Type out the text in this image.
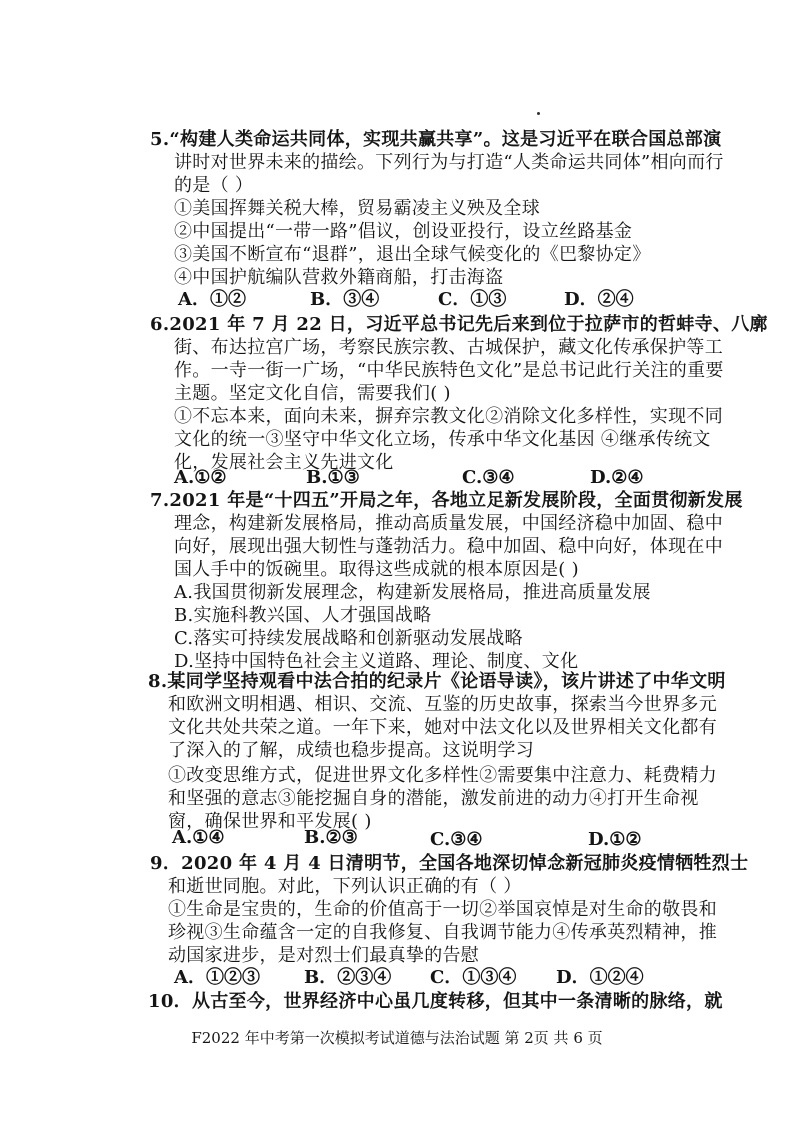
5.“构建人类命运共同体，实现共赢共享”。这是习近平在联合国总部演
讲时对世界未来的描绘。下列行为与打造“人类命运共同体”相向而行
的是（ ）
①美国挥舞关税大棒，贸易霸凌主义殃及全球
②中国提出“一带一路”倡议，创设亚投行，设立丝路基金
③美国不断宣布“退群”，退出全球气候变化的《巴黎协定》
④中国护航编队营救外籍商船，打击海盗
A．①②	B．③④	C．①③	D．②④
6.2021 年 7 月 22 日，习近平总书记先后来到位于拉萨市的哲蚌寺、八廓
街、布达拉宫广场，考察民族宗教、古城保护，藏文化传承保护等工
作。一寺一街一广场，“中华民族特色文化”是总书记此行关注的重要
主题。坚定文化自信，需要我们( )
①不忘本来，面向未来，摒弃宗教文化②消除文化多样性，实现不同
文化的统一③坚守中华文化立场，传承中华文化基因 ④继承传统文
化，发展社会主义先进文化
A.①②	B.①③	C.③④	D.②④
7.2021 年是“十四五”开局之年，各地立足新发展阶段，全面贯彻新发展
理念，构建新发展格局，推动高质量发展，中国经济稳中加固、稳中
向好，展现出强大韧性与蓬勃活力。稳中加固、稳中向好，体现在中
国人手中的饭碗里。取得这些成就的根本原因是( )
A.我国贯彻新发展理念，构建新发展格局，推进高质量发展
B.实施科教兴国、人才强国战略
C.落实可持续发展战略和创新驱动发展战略
D.坚持中国特色社会主义道路、理论、制度、文化
8.某同学坚持观看中法合拍的纪录片《论语导读》，该片讲述了中华文明
和欧洲文明相遇、相识、交流、互鉴的历史故事，探索当今世界多元
文化共处共荣之道。一年下来，她对中法文化以及世界相关文化都有
了深入的了解，成绩也稳步提高。这说明学习
①改变思维方式，促进世界文化多样性②需要集中注意力、耗费精力
和坚强的意志③能挖掘自身的潜能，激发前进的动力④打开生命视
窗，确保世界和平发展( )
A.①④	B.②③	C.③④	D.①②
9．2020 年 4 月 4 日清明节，全国各地深切悼念新冠肺炎疫情牺牲烈士
和逝世同胞。对此，下列认识正确的有（ ）
①生命是宝贵的，生命的价值高于一切②举国哀悼是对生命的敬畏和
珍视③生命蕴含一定的自我修复、自我调节能力④传承英烈精神，推
动国家进步，是对烈士们最真挚的告慰
A．①②③ B．②③④ C．①③④ D．①②④
10．从古至今，世界经济中心虽几度转移，但其中一条清晰的脉络，就
F2022 年中考第一次模拟考试道德与法治试题 第 2页 共 6 页
